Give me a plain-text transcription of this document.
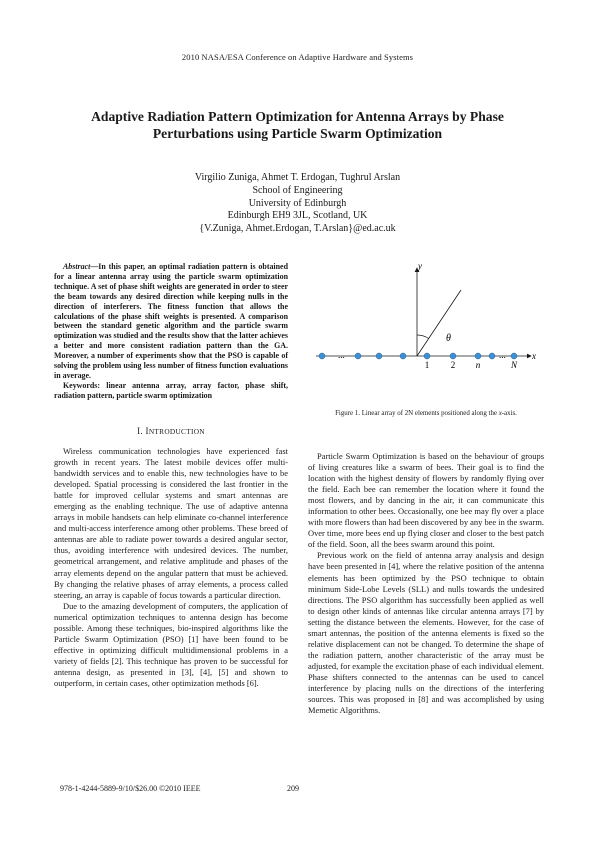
2010 NASA/ESA Conference on Adaptive Hardware and Systems
Adaptive Radiation Pattern Optimization for Antenna Arrays by Phase Perturbations using Particle Swarm Optimization
Virgilio Zuniga, Ahmet T. Erdogan, Tughrul Arslan
School of Engineering
University of Edinburgh
Edinburgh EH9 3JL, Scotland, UK
{V.Zuniga, Ahmet.Erdogan, T.Arslan}@ed.ac.uk

Abstract—In this paper, an optimal radiation pattern is obtained for a linear antenna array using the particle swarm optimization technique. A set of phase shift weights are generated in order to steer the beam towards any desired direction while keeping nulls in the direction of interferers. The fitness function that allows the calculations of the phase shift weights is presented. A comparison between the standard genetic algorithm and the particle swarm optimization was studied and the results show that the latter achieves a better and more consistent radiation pattern than the GA. Moreover, a number of experiments show that the PSO is capable of solving the problem using less number of fitness function evaluations in average.

Keywords: linear antenna array, array factor, phase shift, radiation pattern, particle swarm optimization

I. INTRODUCTION

Wireless communication technologies have experienced fast growth in recent years. The latest mobile devices offer multi-bandwidth services and to enable this, new technologies have to be developed. Spatial processing is considered the last frontier in the battle for improved cellular systems and smart antennas are emerging as the enabling technique. The use of adaptive antenna arrays in mobile handsets can help eliminate co-channel interference and multi-access interference among other problems. These breed of antennas are able to radiate power towards a desired angular sector, thus, avoiding interference with undesired devices. The number, geometrical arrangement, and relative amplitude and phases of the array elements depend on the angular pattern that must be achieved. By changing the relative phases of array elements, a process called steering, an array is capable of focus towards a particular direction.

Due to the amazing development of computers, the application of numerical optimization techniques to antenna design has become possible. Among these techniques, bio-inspired algorithms like the Particle Swarm Optimization (PSO) [1] have been found to be effective in optimizing difficult multidimensional problems in a variety of fields [2]. This technique has proven to be successful for antenna design, as presented in [3], [4], [5] and shown to outperform, in certain cases, other optimization methods [6].

y
x
θ
...	...
1 2 n	N
Figure 1. Linear array of 2N elements positioned along the x-axis.

Particle Swarm Optimization is based on the behaviour of groups of living creatures like a swarm of bees. Their goal is to find the location with the highest density of flowers by randomly flying over the field. Each bee can remember the location where it found the most flowers, and by dancing in the air, it can communicate this information to other bees. Occasionally, one bee may fly over a place with more flowers than had been discovered by any bee in the swarm. Over time, more bees end up flying closer and closer to the best patch of the field. Soon, all the bees swarm around this point.

Previous work on the field of antenna array analysis and design have been presented in [4], where the relative position of the antenna elements has been optimized by the PSO technique to obtain minimum Side-Lobe Levels (SLL) and nulls towards the undesired directions. The PSO algorithm has successfully been applied as well to design other kinds of antennas like circular antenna arrays [7] by setting the distance between the elements. However, for the case of smart antennas, the position of the antenna elements is fixed so the relative displacement can not be changed. To determine the shape of the radiation pattern, another characteristic of the array must be adjusted, for example the excitation phase of each individual element. Phase shifters connected to the antennas can be used to cancel interference by placing nulls on the directions of the interfering sources. This was proposed in [8] and was accomplished by using Memetic Algorithms.

978-1-4244-5889-9/10/$26.00 ©2010 IEEE	209
